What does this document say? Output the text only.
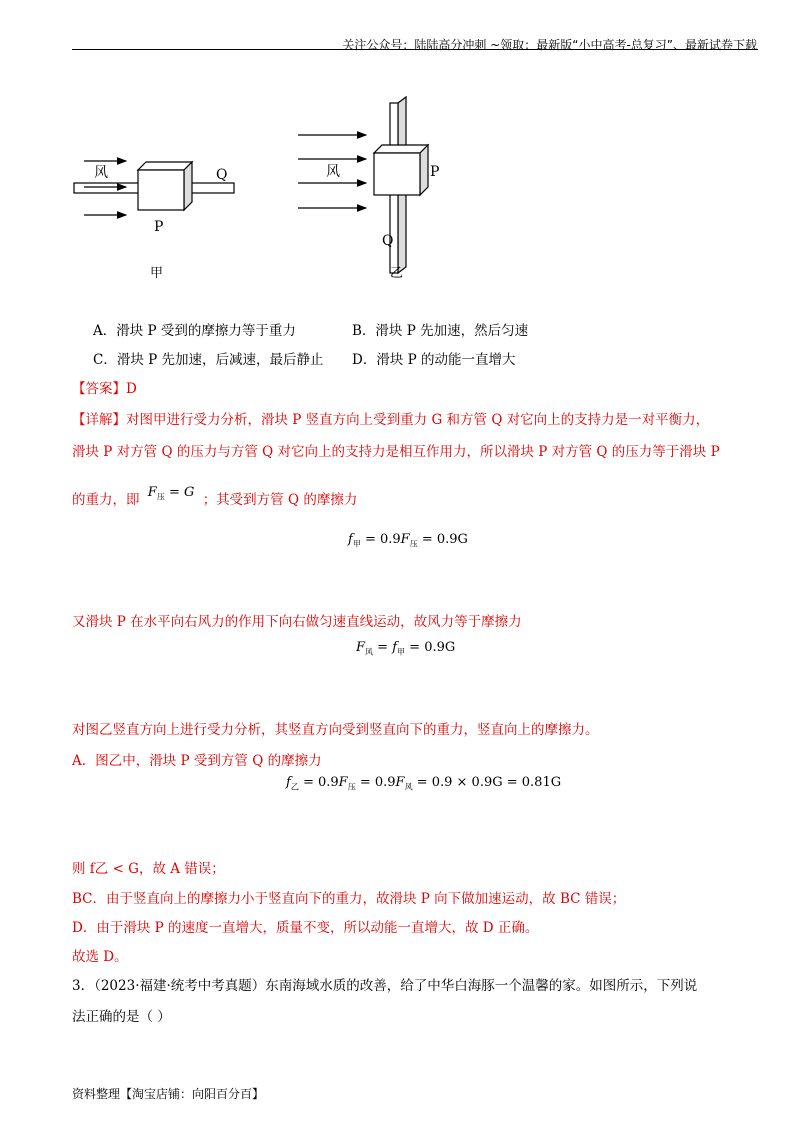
关注公众号：陆陆高分冲刺 ~领取：最新版“小中高考-总复习”、最新试卷下载
风	Q
P
甲
风	P
Q
乙
A．滑块 P 受到的摩擦力等于重力	B．滑块 P 先加速，然后匀速
C．滑块 P 先加速，后减速，最后静止 D．滑块 P 的动能一直增大
【答案】D
【详解】对图甲进行受力分析，滑块 P 竖直方向上受到重力 G 和方管 Q 对它向上的支持力是一对平衡力，
滑块 P 对方管 Q 的压力与方管 Q 对它向上的支持力是相互作用力，所以滑块 P 对方管 Q 的压力等于滑块 P
的重力，即 $F_压 = G$ ；其受到方管 Q 的摩擦力
$f_甲 = 0.9F_压 = 0.9G$
又滑块 P 在水平向右风力的作用下向右做匀速直线运动，故风力等于摩擦力
$F_风 = f_甲 = 0.9G$
对图乙竖直方向上进行受力分析，其竖直方向受到竖直向下的重力，竖直向上的摩擦力。
A．图乙中，滑块 P 受到方管 Q 的摩擦力
$f_乙 = 0.9F_压 = 0.9F_风 = 0.9 \times 0.9G = 0.81G$
则 f乙 < G，故 A 错误；
BC．由于竖直向上的摩擦力小于竖直向下的重力，故滑块 P 向下做加速运动，故 BC 错误；
D．由于滑块 P 的速度一直增大，质量不变，所以动能一直增大，故 D 正确。
故选 D。
3．（2023·福建·统考中考真题）东南海域水质的改善，给了中华白海豚一个温馨的家。如图所示，下列说
法正确的是（ ）
资料整理【淘宝店铺：向阳百分百】
